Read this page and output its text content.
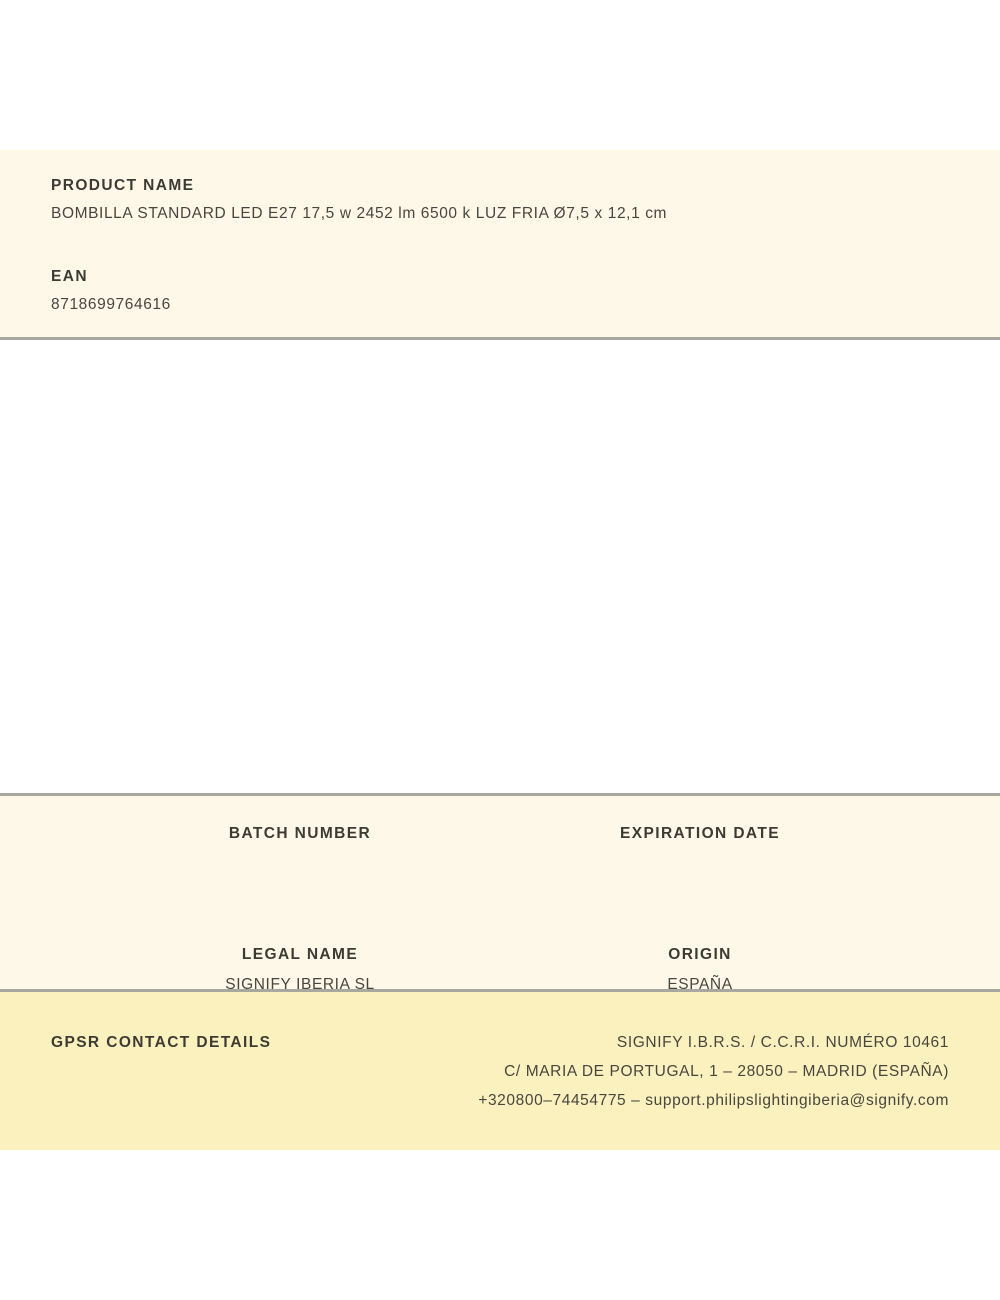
PRODUCT NAME
BOMBILLA STANDARD LED E27 17,5 w 2452 lm 6500 k LUZ FRIA Ø7,5 x 12,1 cm
EAN
8718699764616
BATCH NUMBER	EXPIRATION DATE
LEGAL NAME
SIGNIFY IBERIA SL
ORIGIN
ESPAÑA
GPSR CONTACT DETAILS	SIGNIFY I.B.R.S. / C.C.R.I. NUMÉRO 10461
C/ MARIA DE PORTUGAL, 1 – 28050 – MADRID (ESPAÑA)
+320800–74454775 – support.philipslightingiberia@signify.com
